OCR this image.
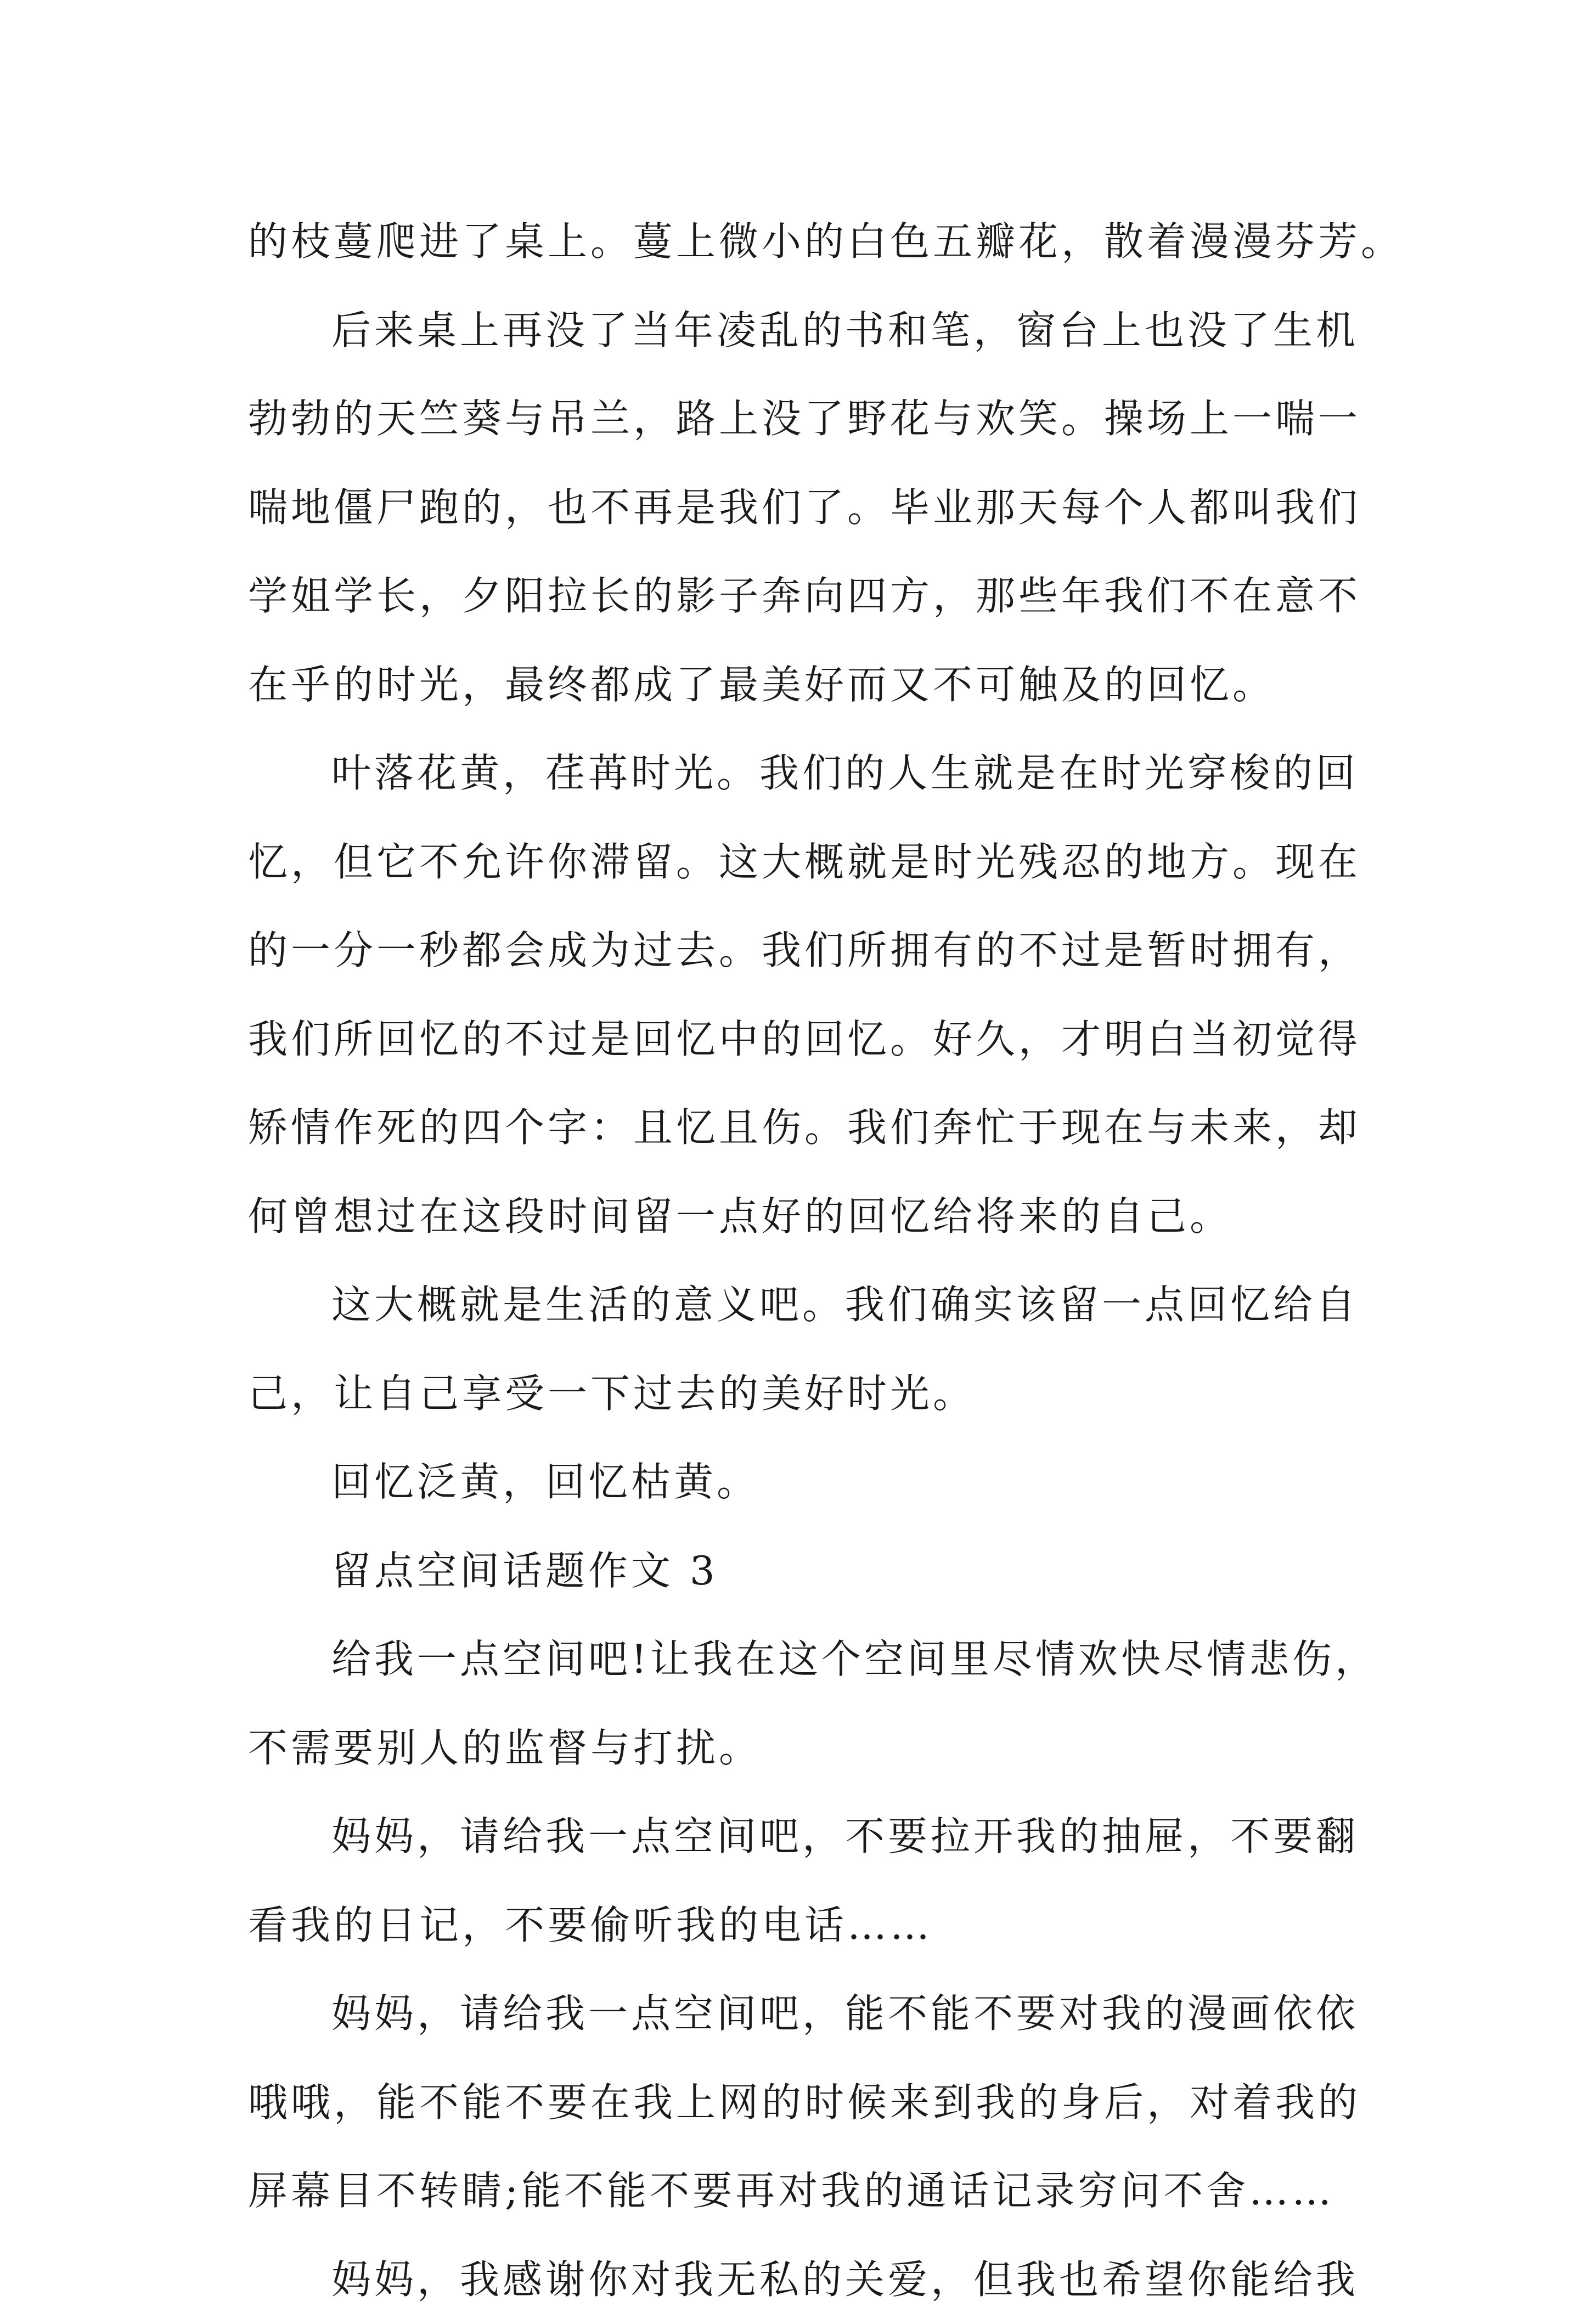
的枝蔓爬进了桌上。蔓上微小的白色五瓣花，散着漫漫芬芳。
后来桌上再没了当年凌乱的书和笔，窗台上也没了生机
勃勃的天竺葵与吊兰，路上没了野花与欢笑。操场上一喘一
喘地僵尸跑的，也不再是我们了。毕业那天每个人都叫我们
学姐学长，夕阳拉长的影子奔向四方，那些年我们不在意不
在乎的时光，最终都成了最美好而又不可触及的回忆。
叶落花黄，荏苒时光。我们的人生就是在时光穿梭的回
忆，但它不允许你滞留。这大概就是时光残忍的地方。现在
的一分一秒都会成为过去。我们所拥有的不过是暂时拥有，
我们所回忆的不过是回忆中的回忆。好久，才明白当初觉得
矫情作死的四个字：且忆且伤。我们奔忙于现在与未来，却
何曾想过在这段时间留一点好的回忆给将来的自己。
这大概就是生活的意义吧。我们确实该留一点回忆给自
己，让自己享受一下过去的美好时光。
回忆泛黄，回忆枯黄。
留点空间话题作文 3
给我一点空间吧!让我在这个空间里尽情欢快尽情悲伤，
不需要别人的监督与打扰。
妈妈，请给我一点空间吧，不要拉开我的抽屉，不要翻
看我的日记，不要偷听我的电话……
妈妈，请给我一点空间吧，能不能不要对我的漫画依依
哦哦，能不能不要在我上网的时候来到我的身后，对着我的
屏幕目不转睛;能不能不要再对我的通话记录穷问不舍……
妈妈，我感谢你对我无私的关爱，但我也希望你能给我
